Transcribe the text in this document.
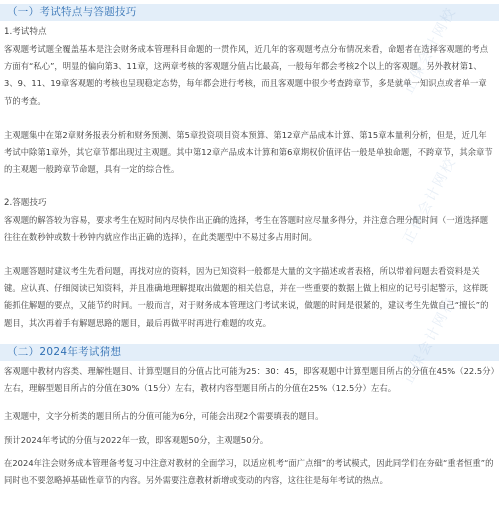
（一）考试特点与答题技巧

1.考试特点

客观题考试题全覆盖基本是注会财务成本管理科目命题的一贯作风，近几年的客观题考点分布情况来看，命题者在选择客观题的考点方面有“私心”，明显的偏向第3、11章，这两章考核的客观题分值占比最高，一般每年都会考核2个以上的客观题。另外教材第1、3、9、11、19章客观题的考核也呈现稳定态势，每年都会进行考核，而且客观题中很少考查跨章节，多是就单一知识点或者单一章节的考查。

主观题集中在第2章财务报表分析和财务预测、第5章投资项目资本预算、第12章产品成本计算、第15章本量利分析，但是，近几年考试中除第1章外，其它章节都出现过主观题。其中第12章产品成本计算和第6章期权价值评估一般是单独命题，不跨章节，其余章节的主观题一般跨章节命题，具有一定的综合性。

2.答题技巧

客观题的解答较为容易，要求考生在短时间内尽快作出正确的选择，考生在答题时应尽量多得分，并注意合理分配时间（一道选择题往往在数秒钟或数十秒钟内就应作出正确的选择），在此类题型中不易过多占用时间。

主观题答题时建议考生先看问题，再找对应的资料，因为已知资料一般都是大量的文字描述或者表格，所以带着问题去看资料是关键。应认真、仔细阅读已知资料，并且准确地理解提取出做题的相关信息，并在一些重要的数据上做上相应的记号引起警示，这样既能抓住解题的要点，又能节约时间。一般而言，对于财务成本管理这门考试来说，做题的时间是很紧的，建议考生先做自己“擅长”的题目，其次再着手有解题思路的题目，最后再做平时再进行难题的攻克。

（二）2024年考试猜想

客观题中教材内容类、理解性题目、计算型题目的分值占比可能为25：30：45，即客观题中计算型题目所占的分值在45%（22.5分）左右，理解型题目所占的分值在30%（15分）左右，教材内容型题目所占的分值在25%（12.5分）左右。

主观题中，文字分析类的题目所占的分值可能为6分，可能会出现2个需要填表的题目。

预计2024年考试的分值与2022年一致，即客观题50分，主观题50分。

在2024年注会财务成本管理备考复习中注意对教材的全面学习，以适应机考“面广点细”的考试模式，因此同学们在夯础“重者恒重”的同时也不要忽略掉基础性章节的内容。另外需要注意教材新增或变动的内容，这往往是每年考试的热点。

正保会计网校
正保会计网校
正保会计网校
